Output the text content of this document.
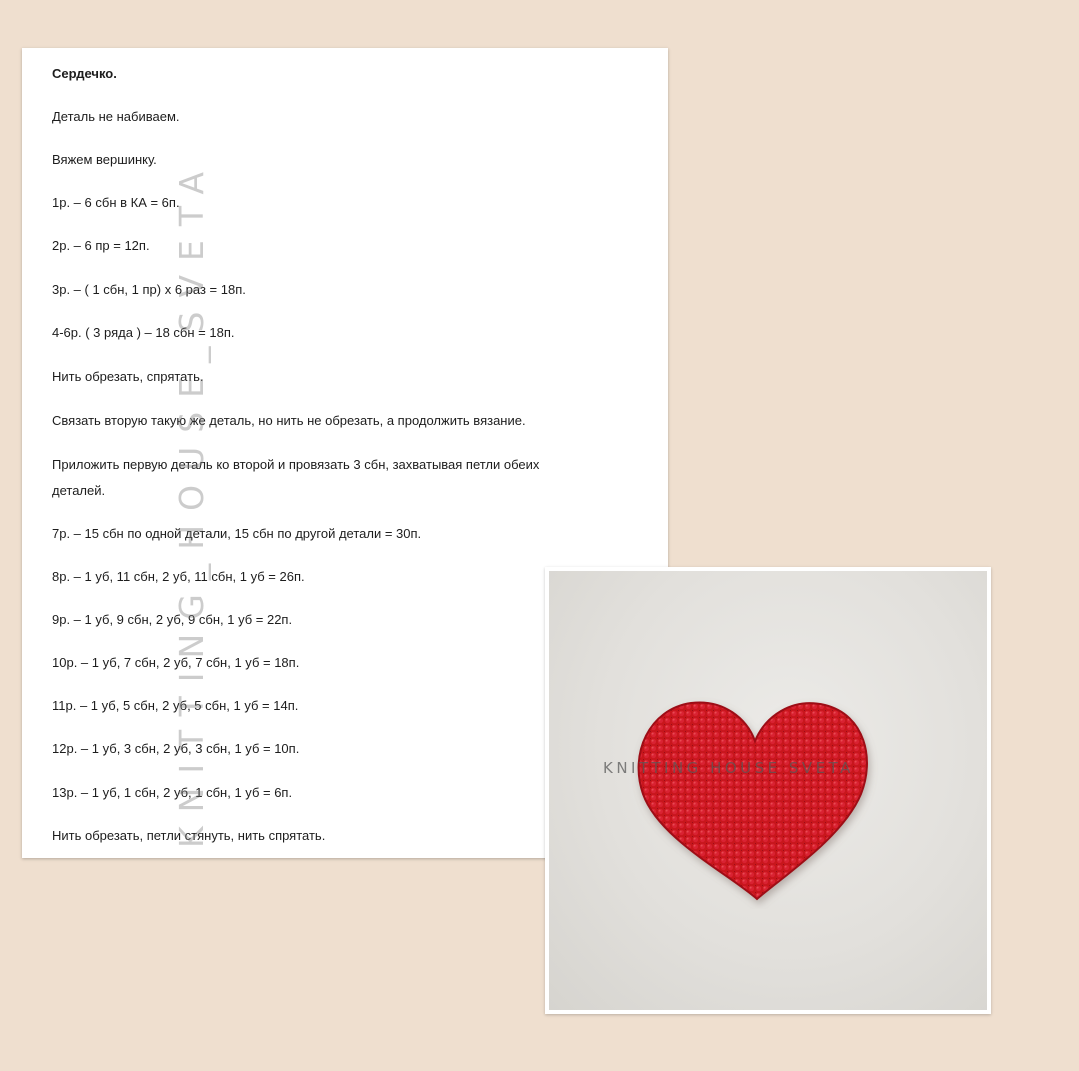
Сердечко.
Деталь не набиваем.
Вяжем вершинку.
1р. – 6 сбн в КА = 6п.
2р. – 6 пр = 12п.
3р. – ( 1 сбн, 1 пр) х 6 раз = 18п.
4-6р. ( 3 ряда ) – 18 сбн = 18п.
Нить обрезать, спрятать.
Связать вторую такую же деталь, но нить не обрезать, а продолжить вязание.
Приложить первую деталь ко второй и провязать 3 сбн, захватывая петли обеих
деталей.
7р. – 15 сбн по одной детали, 15 сбн по другой детали = 30п.
8р. – 1 уб, 11 сбн, 2 уб, 11 сбн, 1 уб = 26п.
9р. – 1 уб, 9 сбн, 2 уб, 9 сбн, 1 уб = 22п.
10р. – 1 уб, 7 сбн, 2 уб, 7 сбн, 1 уб = 18п.
11р. – 1 уб, 5 сбн, 2 уб, 5 сбн, 1 уб = 14п.
12р. – 1 уб, 3 сбн, 2 уб, 3 сбн, 1 уб = 10п.
13р. – 1 уб, 1 сбн, 2 уб, 1 сбн, 1 уб = 6п.
Нить обрезать, петли стянуть, нить спрятать.
KNITTING_HOUSE_SVETA	KNITTING HOUSE SVETA
